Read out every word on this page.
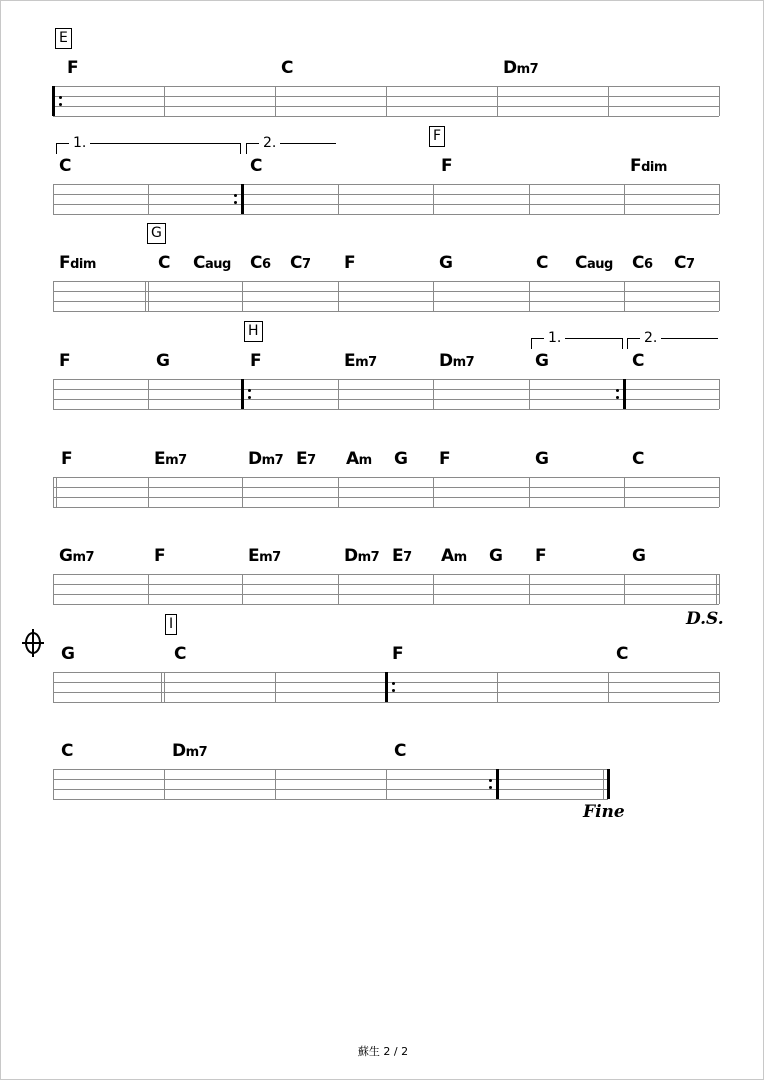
F	C	Dm7
E
C	C	F	Fdim
F
1.	2.
Fdim	C Caug C6 C7 F	G	C Caug C6 C7
G
F	G	F	Em7	Dm7	G	C
H	1.	2.
F	Em7	Dm7 E7 Am G F	G	C
Gm7	F	Em7	Dm7 E7 Am G F	G
D.S.
G	C	F	C
I
C	Dm7	C
Fine
蘇生 2 / 2
